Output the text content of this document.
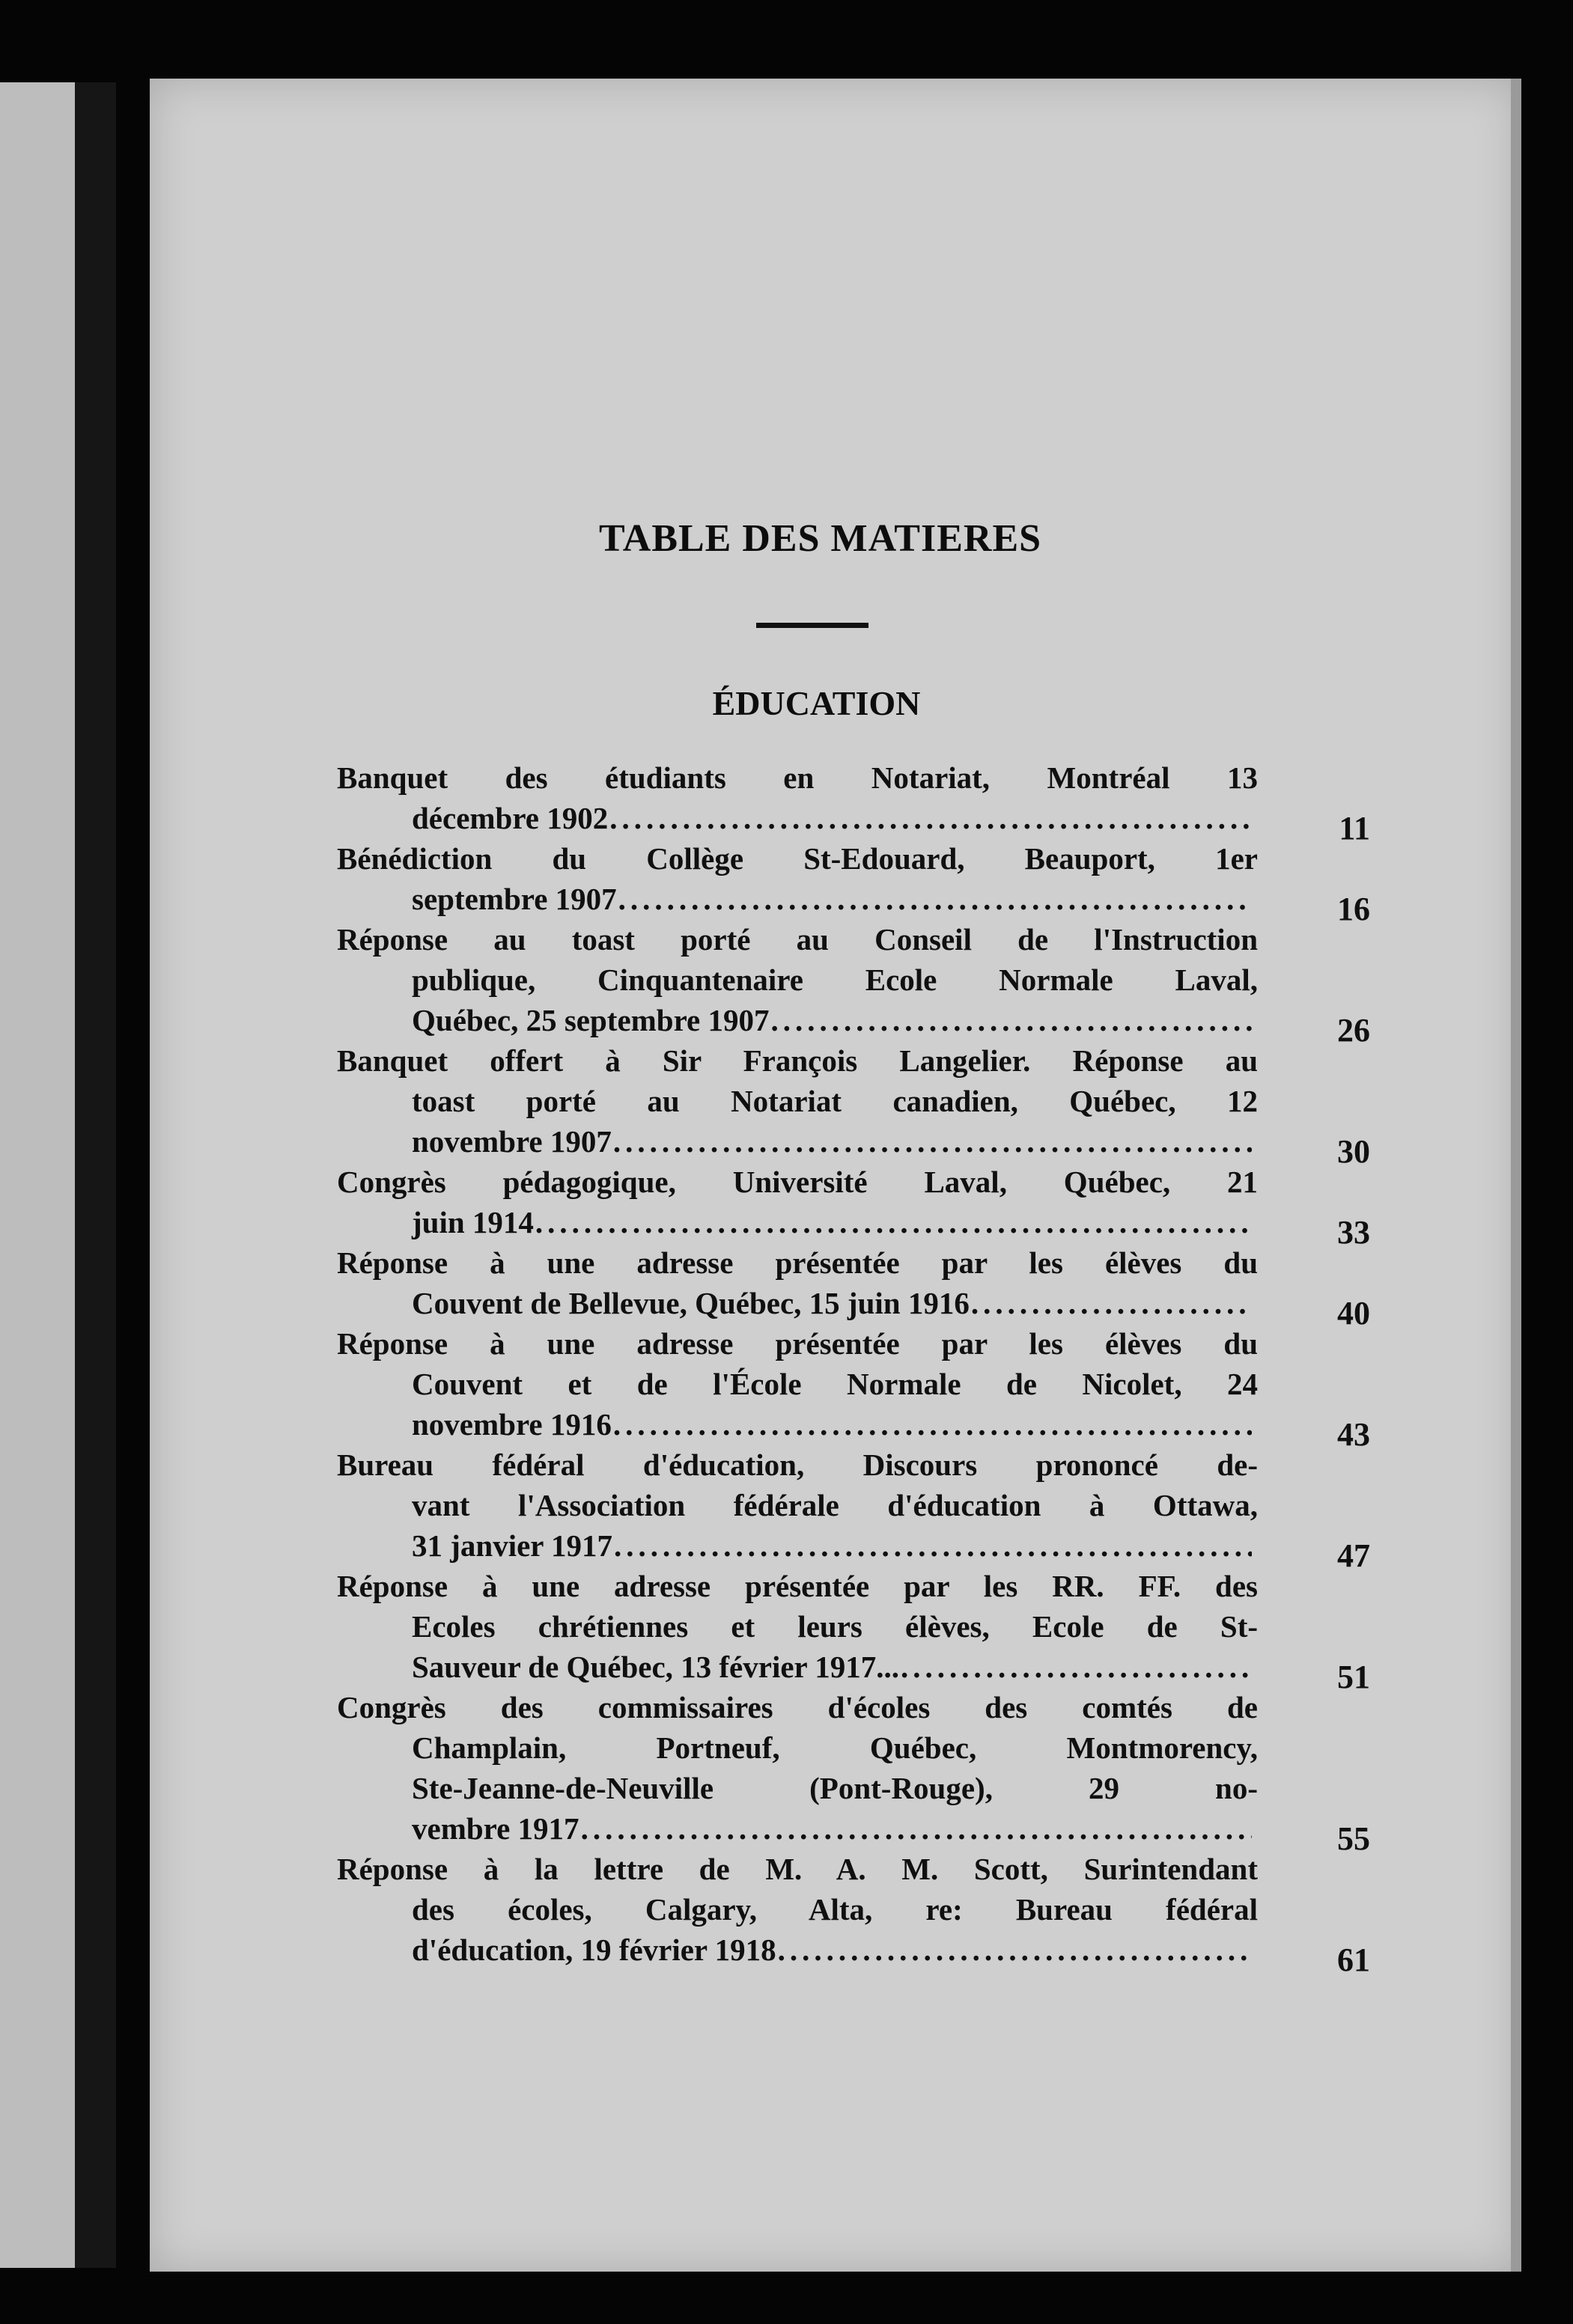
TABLE DES MATIERES
ÉDUCATION
Banquet des étudiants en Notariat, Montréal 13
décembre 1902 .....	11
Bénédiction du Collège St-Edouard, Beauport, 1er
septembre 1907 .....	16
Réponse au toast porté au Conseil de l'Instruction
publique, Cinquantenaire Ecole Normale Laval,
Québec, 25 septembre 1907 .....	26
Banquet offert à Sir François Langelier. Réponse au
toast porté au Notariat canadien, Québec, 12
novembre 1907 .....	30
Congrès pédagogique, Université Laval, Québec, 21
juin 1914 .....	33
Réponse à une adresse présentée par les élèves du
Couvent de Bellevue, Québec, 15 juin 1916 .....	40
Réponse à une adresse présentée par les élèves du
Couvent et de l'École Normale de Nicolet, 24
novembre 1916 .....	43
Bureau fédéral d'éducation, Discours prononcé de-
vant l'Association fédérale d'éducation à Ottawa,
31 janvier 1917 .....	47
Réponse à une adresse présentée par les RR. FF. des
Ecoles chrétiennes et leurs élèves, Ecole de St-
Sauveur de Québec, 13 février 1917... .....	51
Congrès des commissaires d'écoles des comtés de
Champlain, Portneuf, Québec, Montmorency,
Ste-Jeanne-de-Neuville (Pont-Rouge), 29 no-
vembre 1917 .....	55
Réponse à la lettre de M. A. M. Scott, Surintendant
des écoles, Calgary, Alta, re: Bureau fédéral
d'éducation, 19 février 1918 .....	61
